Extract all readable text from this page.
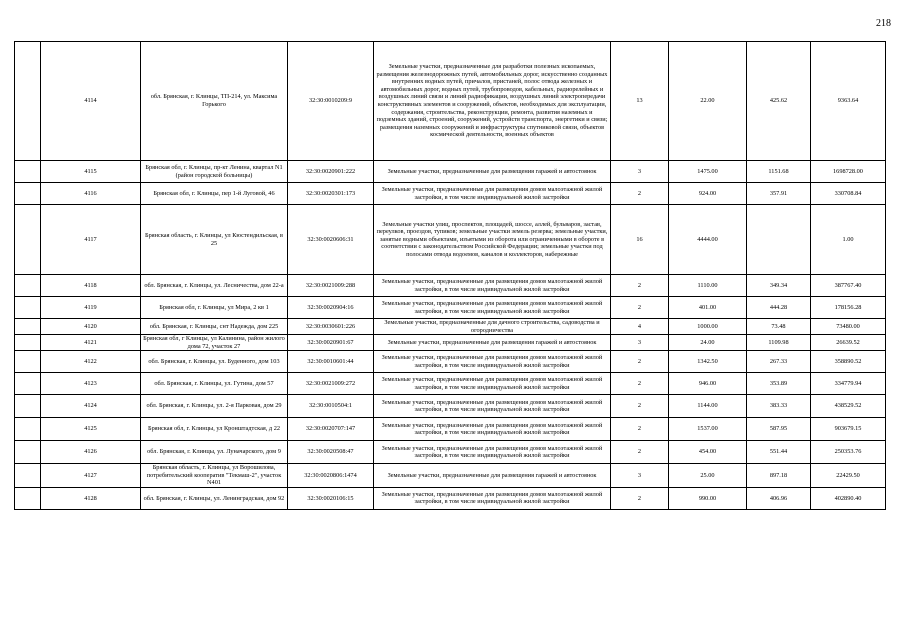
218
	4114	обл. Брянская, г. Клинцы, ТП-214, ул. Максима Горького	32:30:0010209:9	Земельные участки, предназначенные для разработки полезных ископаемых, размещения железнодорожных путей, автомобильных дорог, искусственно созданных внутренних водных путей, причалов, пристаней, полос отвода железных и автомобильных дорог, водных путей, трубопроводов, кабельных, радиорелейных и воздушных линий связи и линий радиофикации, воздушных линий электропередачи конструктивных элементов и сооружений, объектов, необходимых для эксплуатации, содержания, строительства, реконструкции, ремонта, развития наземных и подземных зданий, строений, сооружений, устройств транспорта, энергетики и связи; размещения наземных сооружений и инфраструктуры спутниковой связи, объектов космической деятельности, военных объектов	13	22.00	425.62	9363.64
	4115	Брянская обл, г. Клинцы, пр-кт Ленина, квартал N1 (район городской больницы)	32:30:0020901:222	Земельные участки, предназначенные для размещения гаражей и автостоянок	3	1475.00	1151.68	1698728.00
	4116	Брянская обл, г. Клинцы, пер 1-й Луговой, 46	32:30:0020301:173	Земельные участки, предназначенные для размещения домов малоэтажной жилой застройки, в том числе индивидуальной жилой застройки	2	924.00	357.91	330708.84
	4117	Брянская область, г. Клинцы, ул Кюстендильская, в 25	32:30:0020606:31	Земельные участки улиц, проспектов, площадей, шоссе, аллей, бульваров, застав, переулков, проездов, тупиков; земельные участки земель резерва; земельные участки, занятые водными объектами, изъятыми из оборота или ограниченными в обороте в соответствии с законодательством Российской Федерации; земельные участки под полосами отвода водоемов, каналов и коллекторов, набережные	16	4444.00		1.00
	4118	обл. Брянская, г. Клинцы, ул. Лесничества, дом 22-а	32:30:0021009:288	Земельные участки, предназначенные для размещения домов малоэтажной жилой застройки, в том числе индивидуальной жилой застройки	2	1110.00	349.34	387767.40
	4119	Брянская обл, г. Клинцы, ул Мира, 2 кв 1	32:30:0020904:16	Земельные участки, предназначенные для размещения домов малоэтажной жилой застройки, в том числе индивидуальной жилой застройки	2	401.00	444.28	178156.28
	4120	обл. Брянская, г. Клинцы, снт Надежда, дом 225	32:30:0030601:226	Земельные участки, предназначенные для дачного строительства, садоводства и огородничества	4	1000.00	73.48	73480.00
	4121	Брянская обл, г Клинцы, ул Калинина, район жилого дома 72, участок 27	32:30:0020901:67	Земельные участки, предназначенные для размещения гаражей и автостоянок	3	24.00	1109.98	26639.52
	4122	обл. Брянская, г. Клинцы, ул. Буденного, дом 103	32:30:0010601:44	Земельные участки, предназначенные для размещения домов малоэтажной жилой застройки, в том числе индивидуальной жилой застройки	2	1342.50	267.33	358890.52
	4123	обл. Брянская, г. Клинцы, ул. Гутина, дом 57	32:30:0021009:272	Земельные участки, предназначенные для размещения домов малоэтажной жилой застройки, в том числе индивидуальной жилой застройки	2	946.00	353.89	334779.94
	4124	обл. Брянская, г. Клинцы, ул. 2-я Парковая, дом 29	32:30:0010504:1	Земельные участки, предназначенные для размещения домов малоэтажной жилой застройки, в том числе индивидуальной жилой застройки	2	1144.00	383.33	438529.52
	4125	Брянская обл, г. Клинцы, ул Кронштадтская, д 22	32:30:0020707:147	Земельные участки, предназначенные для размещения домов малоэтажной жилой застройки, в том числе индивидуальной жилой застройки	2	1537.00	587.95	903679.15
	4126	обл. Брянская, г. Клинцы, ул. Луначарского, дом 9	32:30:0020508:47	Земельные участки, предназначенные для размещения домов малоэтажной жилой застройки, в том числе индивидуальной жилой застройки	2	454.00	551.44	250353.76
	4127	Брянская область, г. Клинцы, ул Ворошилова, потребительский кооператив "Текмаш-2", участок N401	32:30:0020806:1474	Земельные участки, предназначенные для размещения гаражей и автостоянок	3	25.00	897.18	22429.50
	4128	обл. Брянская, г. Клинцы, ул. Ленинградская, дом 92	32:30:0020106:15	Земельные участки, предназначенные для размещения домов малоэтажной жилой застройки, в том числе индивидуальной жилой застройки	2	990.00	406.96	402890.40
